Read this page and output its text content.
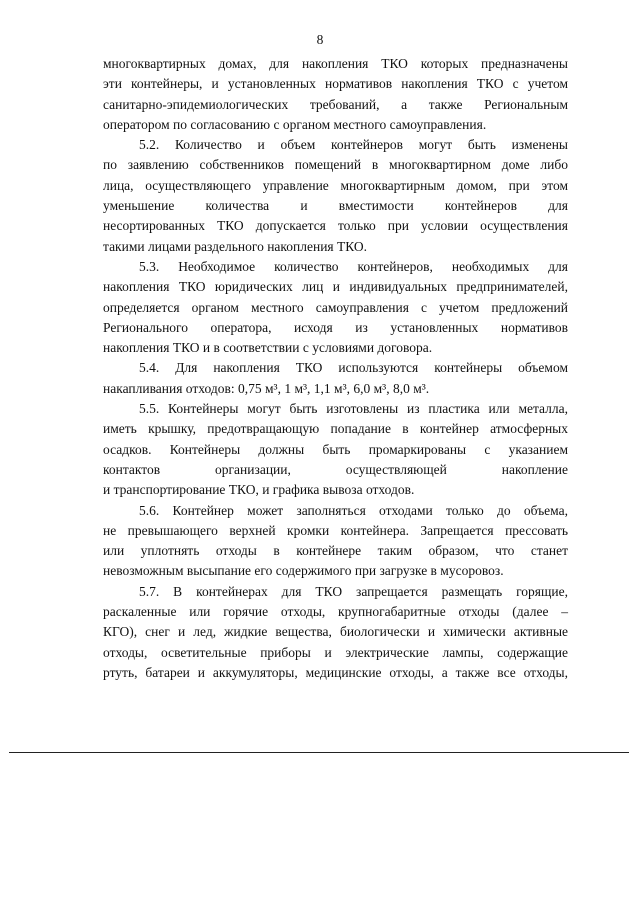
8

многоквартирных домах, для накопления ТКО которых предназначены
эти контейнеры, и установленных нормативов накопления ТКО с учетом
санитарно-эпидемиологических требований, а также Региональным
оператором по согласованию с органом местного самоуправления.

5.2. Количество и объем контейнеров могут быть изменены
по заявлению собственников помещений в многоквартирном доме либо
лица, осуществляющего управление многоквартирным домом, при этом
уменьшение количества и вместимости контейнеров для
несортированных ТКО допускается только при условии осуществления
такими лицами раздельного накопления ТКО.

5.3. Необходимое количество контейнеров, необходимых для
накопления ТКО юридических лиц и индивидуальных предпринимателей,
определяется органом местного самоуправления с учетом предложений
Регионального оператора, исходя из установленных нормативов
накопления ТКО и в соответствии с условиями договора.

5.4. Для накопления ТКО используются контейнеры объемом
накапливания отходов: 0,75 м³, 1 м³, 1,1 м³, 6,0 м³, 8,0 м³.

5.5. Контейнеры могут быть изготовлены из пластика или металла,
иметь крышку, предотвращающую попадание в контейнер атмосферных
осадков. Контейнеры должны быть промаркированы с указанием
контактов организации, осуществляющей накопление
и транспортирование ТКО, и графика вывоза отходов.

5.6. Контейнер может заполняться отходами только до объема,
не превышающего верхней кромки контейнера. Запрещается прессовать
или уплотнять отходы в контейнере таким образом, что станет
невозможным высыпание его содержимого при загрузке в мусоровоз.

5.7. В контейнерах для ТКО запрещается размещать горящие,
раскаленные или горячие отходы, крупногабаритные отходы (далее –
КГО), снег и лед, жидкие вещества, биологически и химически активные
отходы, осветительные приборы и электрические лампы, содержащие
ртуть, батареи и аккумуляторы, медицинские отходы, а также все отходы,
